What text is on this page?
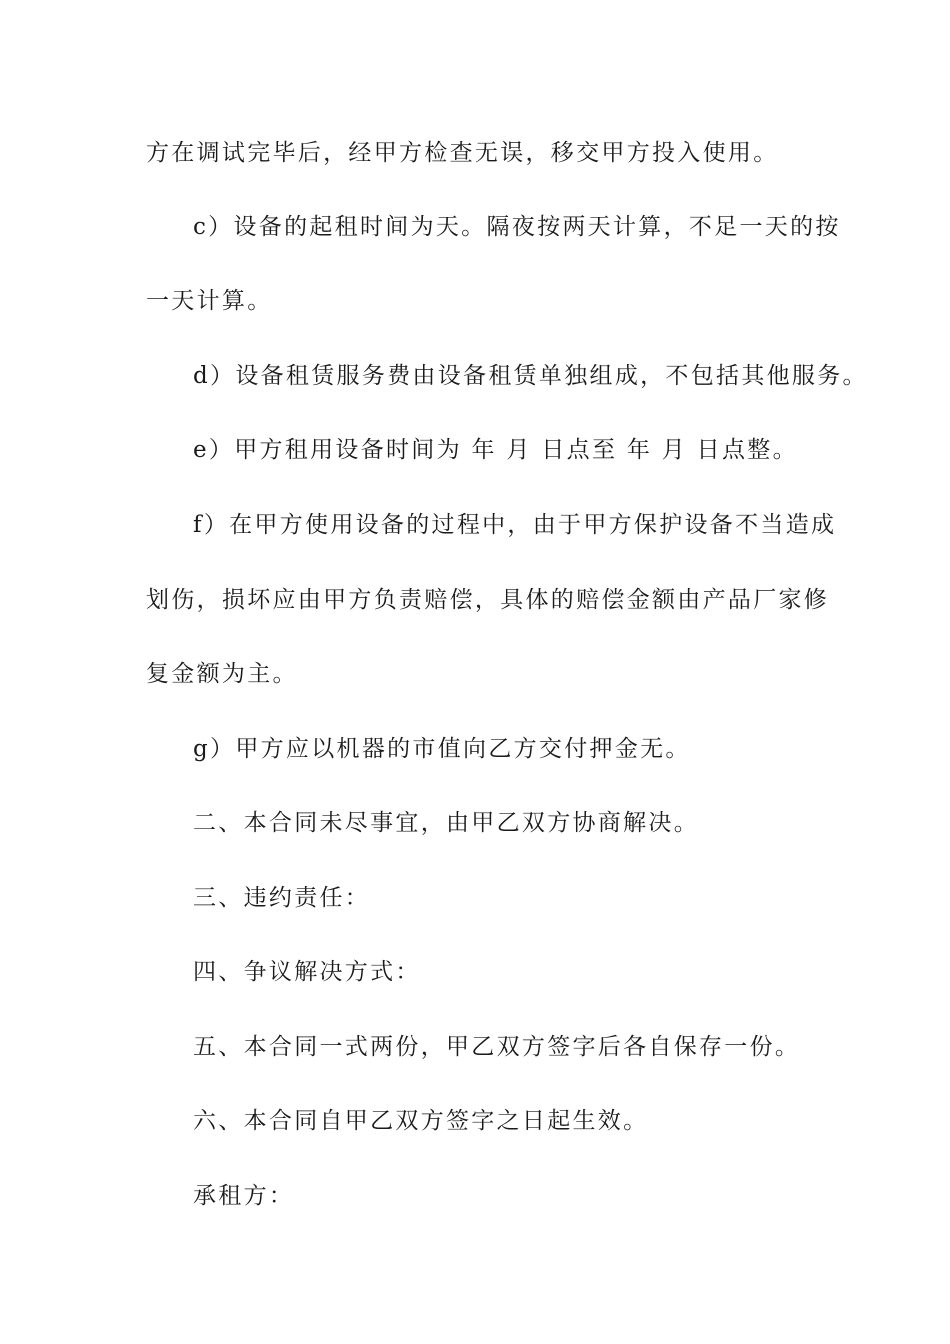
方在调试完毕后，经甲方检查无误，移交甲方投入使用。
c）设备的起租时间为天。隔夜按两天计算，不足一天的按
一天计算。
d）设备租赁服务费由设备租赁单独组成，不包括其他服务。
e）甲方租用设备时间为 年 月 日点至 年 月 日点整。
f）在甲方使用设备的过程中，由于甲方保护设备不当造成
划伤，损坏应由甲方负责赔偿，具体的赔偿金额由产品厂家修
复金额为主。
g）甲方应以机器的市值向乙方交付押金无。
二、本合同未尽事宜，由甲乙双方协商解决。
三、违约责任：
四、争议解决方式：
五、本合同一式两份，甲乙双方签字后各自保存一份。
六、本合同自甲乙双方签字之日起生效。
承租方：
